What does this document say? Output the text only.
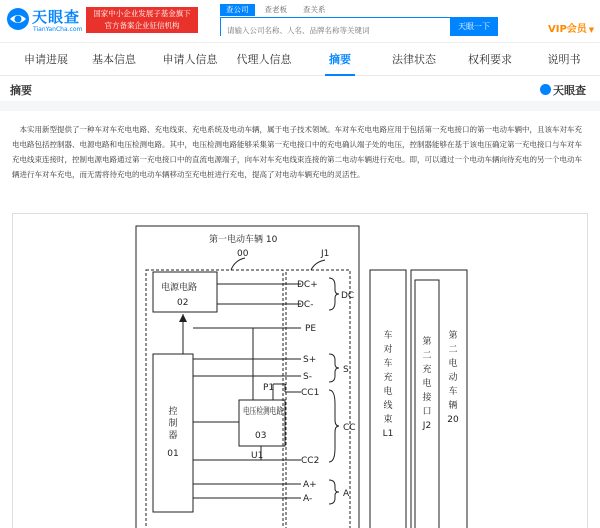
天眼查
TianYanCha.com
国家中小企业发展子基金旗下
官方备案企业征信机构
查公司	查老板	查关系
请输入公司名称、人名、品牌名称等关键词
天眼一下	VIP会员 ▼
申请进展	基本信息 申请人信息 代理人信息	摘要	法律状态	权利要求	说明书
摘要	天眼查
本实用新型提供了一种车对车充电电路、充电线束、充电系统及电动车辆，属于电子技术领域。车对车充电电路应用于包括第一充电接口的第一电动车辆中，且该车对车充电电路包括控制器、电源电路和电压检测电路。其中，电压检测电路能够采集第一充电接口中的充电确认端子处的电压，控制器能够在基于该电压确定第一充电接口与车对车充电线束连接时，控制电源电路通过第一充电接口中的直流电源端子，向车对车充电线束连接的第二电动车辆进行充电。即，可以通过一个电动车辆向待充电的另一个电动车辆进行车对车充电，而无需将待充电的电动车辆移动至充电桩进行充电，提高了对电动车辆充电的灵活性。
第一电动车辆 10
00	J1
电源电路
02
DC+
DC-
DC
PE
S+
S-
S
P1	CC1
CC
电压检测电路
03
U1	CC2
A+
A-	A
控制器
01
车对车充电线束
L1
第二充电接口
J2
第二电动车辆
20
